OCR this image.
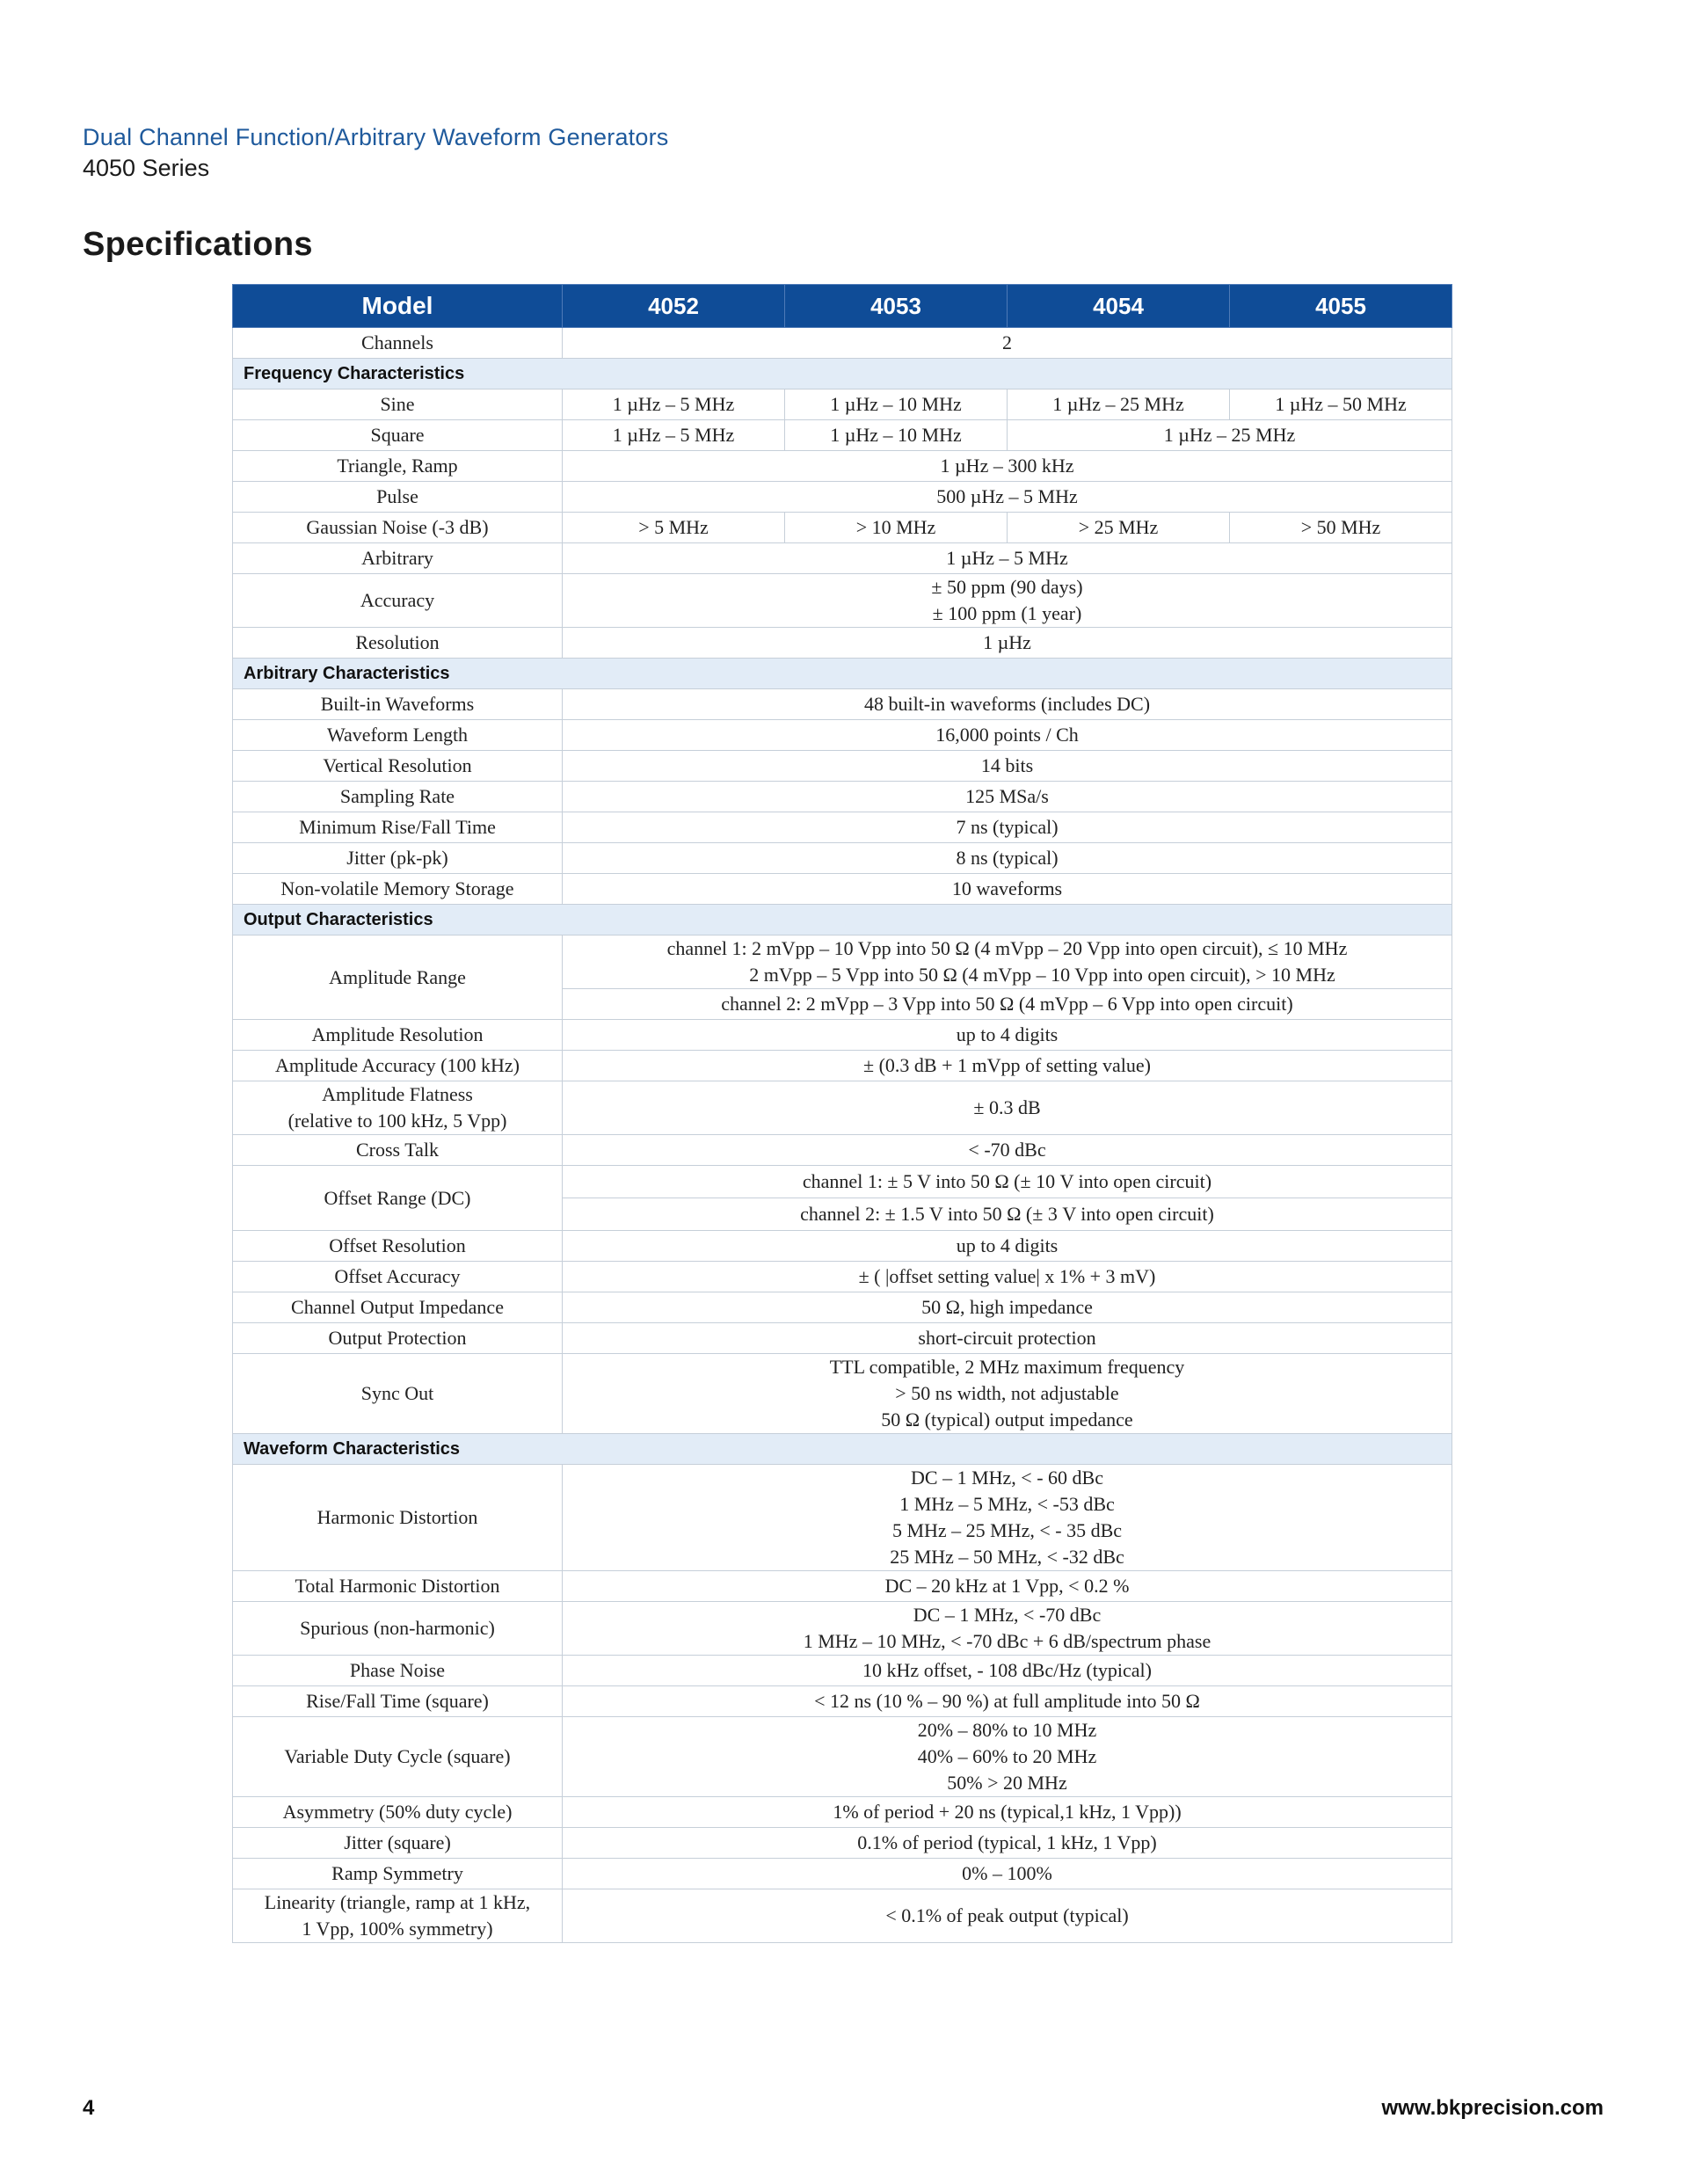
Dual Channel Function/Arbitrary Waveform Generators
4050 Series
Specifications
Model	4052	4053	4054	4055
Channels	2			
Frequency Characteristics				
Sine	1 µHz – 5 MHz	1 µHz – 10 MHz	1 µHz – 25 MHz	1 µHz – 50 MHz
Square	1 µHz – 5 MHz	1 µHz – 10 MHz	1 µHz – 25 MHz	
Triangle, Ramp	1 µHz – 300 kHz			
Pulse	500 µHz – 5 MHz			
Gaussian Noise (-3 dB)	> 5 MHz	> 10 MHz	> 25 MHz	> 50 MHz
Arbitrary	1 µHz – 5 MHz			
Accuracy	± 50 ppm (90 days)
± 100 ppm (1 year)			

Resolution	1 µHz			
Arbitrary Characteristics				
Built-in Waveforms	48 built-in waveforms (includes DC)			
Waveform Length	16,000 points / Ch			
Vertical Resolution	14 bits			
Sampling Rate	125 MSa/s			
Minimum Rise/Fall Time	7 ns (typical)			
Jitter (pk-pk)	8 ns (typical)			
Non-volatile Memory Storage	10 waveforms			
Output Characteristics				
Amplitude Range	channel 1: 2 mVpp – 10 Vpp into 50 Ω (4 mVpp – 20 Vpp into open circuit), ≤ 10 MHz
2 mVpp – 5 Vpp into 50 Ω (4 mVpp – 10 Vpp into open circuit), > 10 MHz			

	channel 2: 2 mVpp – 3 Vpp into 50 Ω (4 mVpp – 6 Vpp into open circuit)			
Amplitude Resolution	up to 4 digits			
Amplitude Accuracy (100 kHz)	± (0.3 dB + 1 mVpp of setting value)			

Amplitude Flatness
(relative to 100 kHz, 5 Vpp)	± 0.3 dB			
Cross Talk	< -70 dBc			
Offset Range (DC)	channel 1: ± 5 V into 50 Ω (± 10 V into open circuit)			
	channel 2: ± 1.5 V into 50 Ω (± 3 V into open circuit)			
Offset Resolution	up to 4 digits			
Offset Accuracy	± ( |offset setting value| x 1% + 3 mV)			
Channel Output Impedance	50 Ω, high impedance			
Output Protection	short-circuit protection			
Sync Out	TTL compatible, 2 MHz maximum frequency
> 50 ns width, not adjustable
50 Ω (typical) output impedance			

Waveform Characteristics				
Harmonic Distortion	DC – 1 MHz, < - 60 dBc
1 MHz – 5 MHz, < -53 dBc
5 MHz – 25 MHz, < - 35 dBc
25 MHz – 50 MHz, < -32 dBc			

Total Harmonic Distortion	DC – 20 kHz at 1 Vpp, < 0.2 %			
Spurious (non-harmonic)	DC – 1 MHz, < -70 dBc
1 MHz – 10 MHz, < -70 dBc + 6 dB/spectrum phase			

Phase Noise	10 kHz offset, - 108 dBc/Hz (typical)			
Rise/Fall Time (square)	< 12 ns (10 % – 90 %) at full amplitude into 50 Ω			
Variable Duty Cycle (square)	20% – 80% to 10 MHz
40% – 60% to 20 MHz
50% > 20 MHz			

Asymmetry (50% duty cycle)	1% of period + 20 ns (typical,1 kHz, 1 Vpp))			
Jitter (square)	0.1% of period (typical, 1 kHz, 1 Vpp)			
Ramp Symmetry	0% – 100%			

Linearity (triangle, ramp at 1 kHz,
1 Vpp, 100% symmetry)	< 0.1% of peak output (typical)			
4	www.bkprecision.com
